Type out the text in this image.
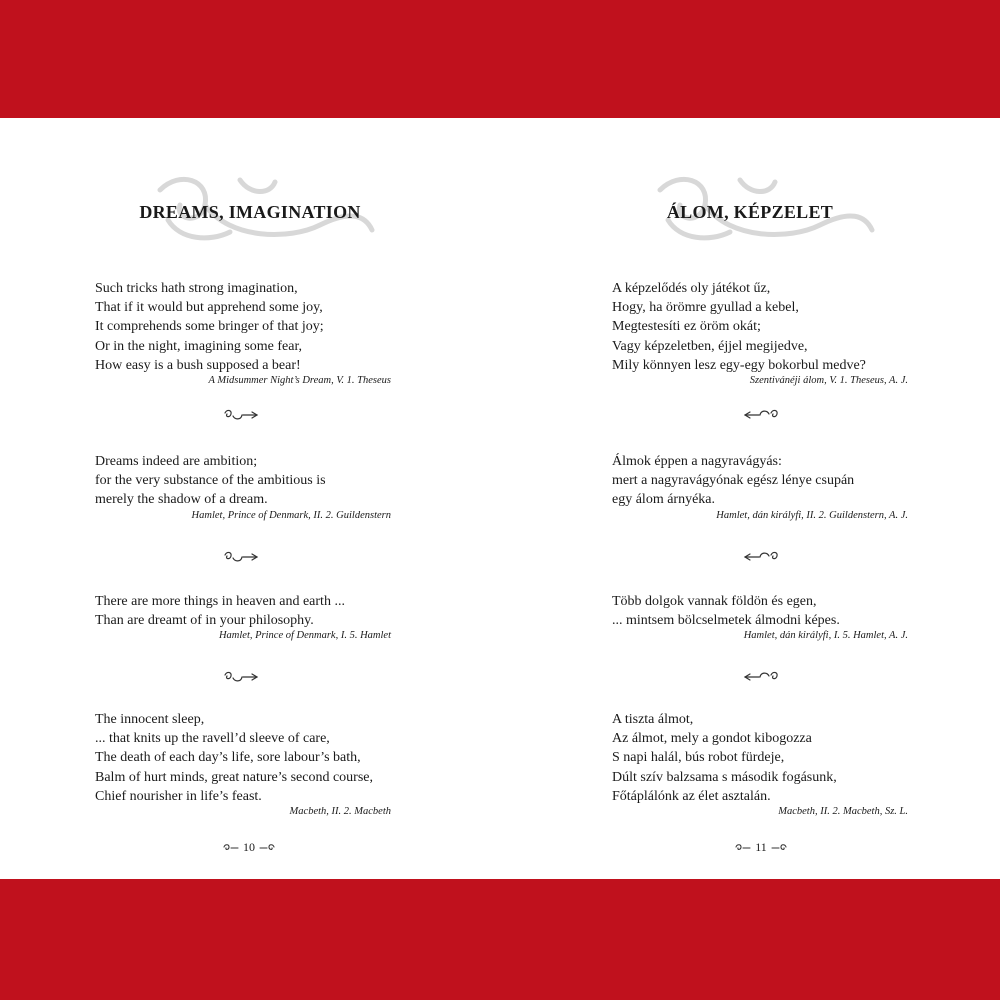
DREAMS, IMAGINATION
Such tricks hath strong imagination,
That if it would but apprehend some joy,
It comprehends some bringer of that joy;
Or in the night, imagining some fear,
How easy is a bush supposed a bear!
A Midsummer Night’s Dream, V. 1. Theseus
Dreams indeed are ambition;
for the very substance of the ambitious is
merely the shadow of a dream.
Hamlet, Prince of Denmark, II. 2. Guildenstern
There are more things in heaven and earth ...
Than are dreamt of in your philosophy.
Hamlet, Prince of Denmark, I. 5. Hamlet
The innocent sleep,
... that knits up the ravell’d sleeve of care,
The death of each day’s life, sore labour’s bath,
Balm of hurt minds, great nature’s second course,
Chief nourisher in life’s feast.
Macbeth, II. 2. Macbeth
10
ÁLOM, KÉPZELET
A képzelődés oly játékot űz,
Hogy, ha örömre gyullad a kebel,
Megtestesíti ez öröm okát;
Vagy képzeletben, éjjel megijedve,
Mily könnyen lesz egy-egy bokorbul medve?
Szentivánéji álom, V. 1. Theseus, A. J.
Álmok éppen a nagyravágyás:
mert a nagyravágyónak egész lénye csupán
egy álom árnyéka.
Hamlet, dán királyfi, II. 2. Guildenstern, A. J.
Több dolgok vannak földön és egen,
... mintsem bölcselmetek álmodni képes.
Hamlet, dán királyfi, I. 5. Hamlet, A. J.
A tiszta álmot,
Az álmot, mely a gondot kibogozza
S napi halál, bús robot fürdeje,
Dúlt szív balzsama s második fogásunk,
Főtáplálónk az élet asztalán.
Macbeth, II. 2. Macbeth, Sz. L.
11
